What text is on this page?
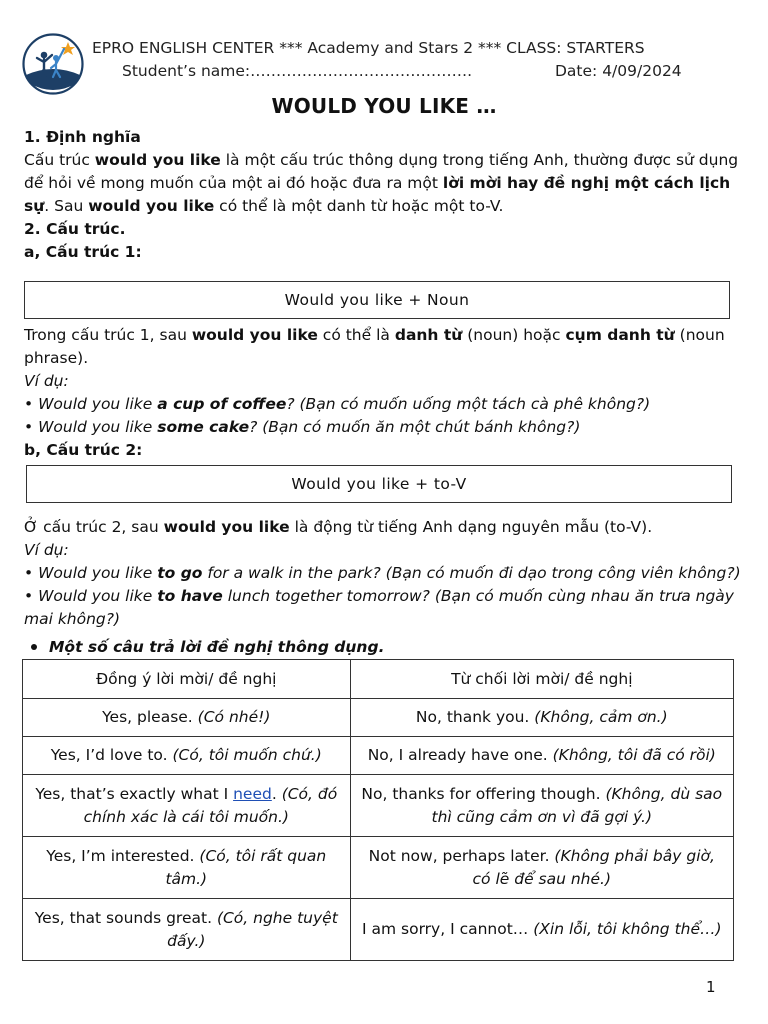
EPRO ENGLISH CENTER *** Academy and Stars 2 *** CLASS: STARTERS
Student’s name:…………………………………….	Date: 4/09/2024
WOULD YOU LIKE …

1. Định nghĩa

Cấu trúc would you like là một cấu trúc thông dụng trong tiếng Anh, thường được sử dụng để hỏi về mong muốn của một ai đó hoặc đưa ra một lời mời hay đề nghị một cách lịch sự. Sau would you like có thể là một danh từ hoặc một to-V.

2. Cấu trúc.

a, Cấu trúc 1:

Would you like + Noun

Trong cấu trúc 1, sau would you like có thể là danh từ (noun) hoặc cụm danh từ (noun phrase).

Ví dụ:

• Would you like a cup of coffee? (Bạn có muốn uống một tách cà phê không?)

• Would you like some cake? (Bạn có muốn ăn một chút bánh không?)

b, Cấu trúc 2:

Would you like + to-V

Ở cấu trúc 2, sau would you like là động từ tiếng Anh dạng nguyên mẫu (to-V).

Ví dụ:

• Would you like to go for a walk in the park? (Bạn có muốn đi dạo trong công viên không?)

• Would you like to have lunch together tomorrow? (Bạn có muốn cùng nhau ăn trưa ngày mai không?)

Một số câu trả lời đề nghị thông dụng.

Đồng ý lời mời/ đề nghị	Từ chối lời mời/ đề nghị
Yes, please. (Có nhé!)	No, thank you. (Không, cảm ơn.)
Yes, I’d love to. (Có, tôi muốn chứ.)	No, I already have one. (Không, tôi đã có rồi)
Yes, that’s exactly what I need. (Có, đó chính xác là cái tôi muốn.)	No, thanks for offering though. (Không, dù sao thì cũng cảm ơn vì đã gợi ý.)
Yes, I’m interested. (Có, tôi rất quan tâm.)	Not now, perhaps later. (Không phải bây giờ, có lẽ để sau nhé.)
Yes, that sounds great. (Có, nghe tuyệt đấy.)	I am sorry, I cannot… (Xin lỗi, tôi không thể…)
1
